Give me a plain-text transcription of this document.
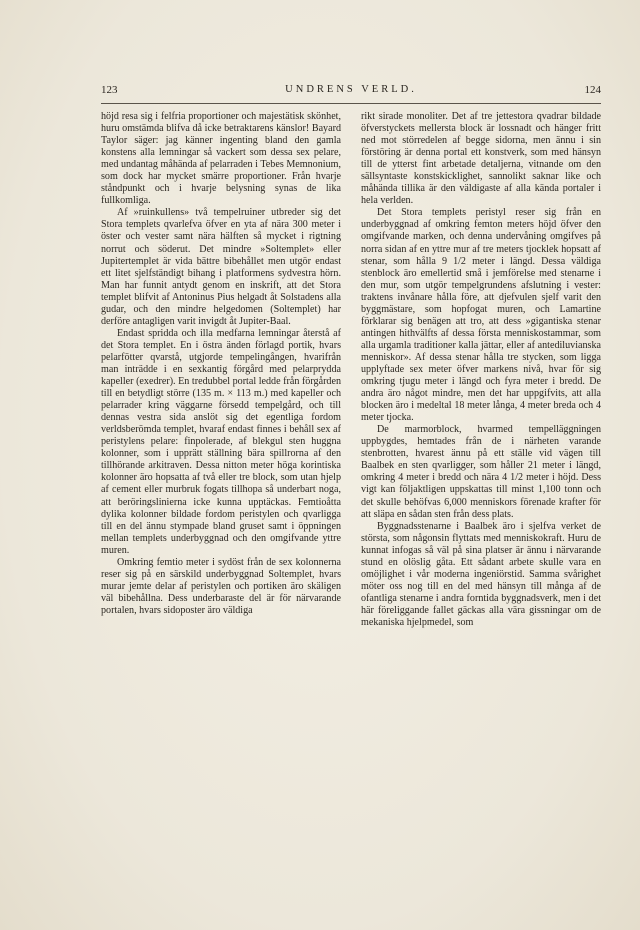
123	UNDRENS VERLD.	124

höjd resa sig i felfria proportioner och majestätisk skönhet, huru omstämda blifva då icke betraktarens känslor! Bayard Taylor säger: jag känner ingenting bland den gamla konstens alla lemningar så vackert som dessa sex pelare, med undantag måhända af pelarraden i Tebes Memnonium, som dock har mycket smärre proportioner. Från hvarje ståndpunkt och i hvarje belysning synas de lika fullkomliga.

Af »ruinkullens» två tempelruiner utbreder sig det Stora templets qvarlefva öfver en yta af nära 300 meter i öster och vester samt nära hälften så mycket i rigtning norrut och söderut. Det mindre »Soltemplet» eller Jupitertemplet är vida bättre bibehållet men utgör endast ett litet sjelfständigt bihang i platformens sydvestra hörn. Man har funnit antydt genom en inskrift, att det Stora templet blifvit af Antoninus Pius helgadt åt Solstadens alla gudar, och den mindre helgedomen (Soltemplet) har derföre antagligen varit invigdt åt Jupiter-Baal.

Endast spridda och illa medfarna lemningar återstå af det Stora templet. En i östra änden förlagd portik, hvars pelarfötter qvarstå, utgjorde tempelingången, hvarifrån man inträdde i en sexkantig förgård med pelarprydda kapeller (exedrer). En tredubbel portal ledde från förgården till en betydligt större (135 m. × 113 m.) med kapeller och pelarrader kring väggarne försedd tempelgård, och till dennas vestra sida anslöt sig det egentliga fordom verldsberömda templet, hvaraf endast finnes i behåll sex af peristylens pelare: finpolerade, af blekgul sten huggna kolonner, som i upprätt ställning bära spillrorna af den tillhörande arkitraven. Dessa nitton meter höga korintiska kolonner äro hopsatta af två eller tre block, som utan hjelp af cement eller murbruk fogats tillhopa så underbart noga, att beröringslinierna icke kunna upptäckas. Femtioåtta dylika kolonner bildade fordom peristylen och qvarligga till en del ännu stympade bland gruset samt i öppningen mellan templets underbyggnad och den omgifvande yttre muren.

Omkring femtio meter i sydöst från de sex kolonnerna reser sig på en särskild underbyggnad Soltemplet, hvars murar jemte delar af peristylen och portiken äro skäligen väl bibehållna. Dess underbaraste del är för närvarande portalen, hvars sidoposter äro väldiga

rikt sirade monoliter. Det af tre jettestora qvadrar bildade öfverstyckets mellersta block är lossnadt och hänger fritt ned mot störredelen af begge sidorna, men ännu i sin förstöring är denna portal ett konstverk, som med hänsyn till de ytterst fint arbetade detaljerna, vitnande om den sällsyntaste konstskicklighet, sannolikt saknar like och måhända tillika är den väldigaste af alla kända portaler i hela verlden.

Det Stora templets peristyl reser sig från en underbyggnad af omkring femton meters höjd öfver den omgifvande marken, och denna undervåning omgifves på norra sidan af en yttre mur af tre meters tjocklek hopsatt af stenar, som hålla 9 1/2 meter i längd. Dessa väldiga stenblock äro emellertid små i jemförelse med stenarne i den mur, som utgör tempelgrundens afslutning i vester: traktens invånare hålla före, att djefvulen sjelf varit den byggmästare, som hopfogat muren, och Lamartine förklarar sig benägen att tro, att dess »gigantiska stenar antingen hithvälfts af dessa första menniskostammar, som alla urgamla traditioner kalla jättar, eller af antediluvianska menniskor». Af dessa stenar hålla tre stycken, som ligga upplyftade sex meter öfver markens nivå, hvar för sig omkring tjugu meter i längd och fyra meter i bredd. De andra äro något mindre, men det har uppgifvits, att alla blocken äro i medeltal 18 meter långa, 4 meter breda och 4 meter tjocka.

De marmorblock, hvarmed tempelläggningen uppbygdes, hemtades från de i närheten varande stenbrotten, hvarest ännu på ett ställe vid vägen till Baalbek en sten qvarligger, som håller 21 meter i längd, omkring 4 meter i bredd och nära 4 1/2 meter i höjd. Dess vigt kan följaktligen uppskattas till minst 1,100 tonn och det skulle behöfvas 6,000 menniskors förenade krafter för att släpa en sådan sten från dess plats.

Byggnadsstenarne i Baalbek äro i sjelfva verket de största, som någonsin flyttats med menniskokraft. Huru de kunnat infogas så väl på sina platser är ännu i närvarande stund en olöslig gåta. Ett sådant arbete skulle vara en omöjlighet i vår moderna ingeniörstid. Samma svårighet möter oss nog till en del med hänsyn till många af de ofantliga stenarne i andra forntida byggnadsverk, men i det här föreliggande fallet gäckas alla vära gissningar om de mekaniska hjelpmedel, som
